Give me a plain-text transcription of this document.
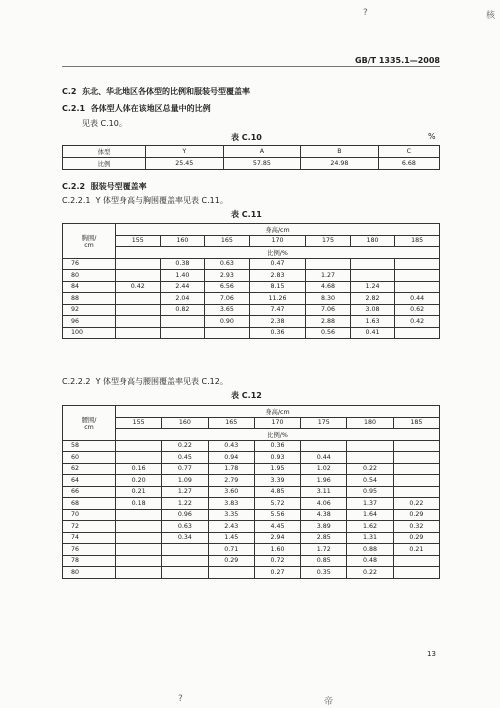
?	核
GB/T 1335.1—2008
C.2 东北、华北地区各体型的比例和服装号型覆盖率
C.2.1 各体型人体在该地区总量中的比例
见表 C.10。
表 C.10	%
体型	Y	A	B	C
比例	25.45	57.85	24.98	6.68
C.2.2 服装号型覆盖率
C.2.2.1 Y 体型身高与胸围覆盖率见表 C.11。
表 C.11
胸围/
cm	身高/cm						
	155	160	165	170	175	180	185
	比例/%						
76		0.38	0.63	0.47			
80		1.40	2.93	2.83	1.27		
84	0.42	2.44	6.56	8.15	4.68	1.24	
88		2.04	7.06	11.26	8.30	2.82	0.44
92		0.82	3.65	7.47	7.06	3.08	0.62
96			0.90	2.38	2.88	1.63	0.42
100				0.36	0.56	0.41	
C.2.2.2 Y 体型身高与腰围覆盖率见表 C.12。
表 C.12
腰围/
cm	身高/cm						
	155	160	165	170	175	180	185
	比例/%						
58		0.22	0.43	0.36			
60		0.45	0.94	0.93	0.44		
62	0.16	0.77	1.78	1.95	1.02	0.22	
64	0.20	1.09	2.79	3.39	1.96	0.54	
66	0.21	1.27	3.60	4.85	3.11	0.95	
68	0.18	1.22	3.83	5.72	4.06	1.37	0.22
70		0.96	3.35	5.56	4.38	1.64	0.29
72		0.63	2.43	4.45	3.89	1.62	0.32
74		0.34	1.45	2.94	2.85	1.31	0.29
76			0.71	1.60	1.72	0.88	0.21
78			0.29	0.72	0.85	0.48	
80				0.27	0.35	0.22	
13
?	帝
